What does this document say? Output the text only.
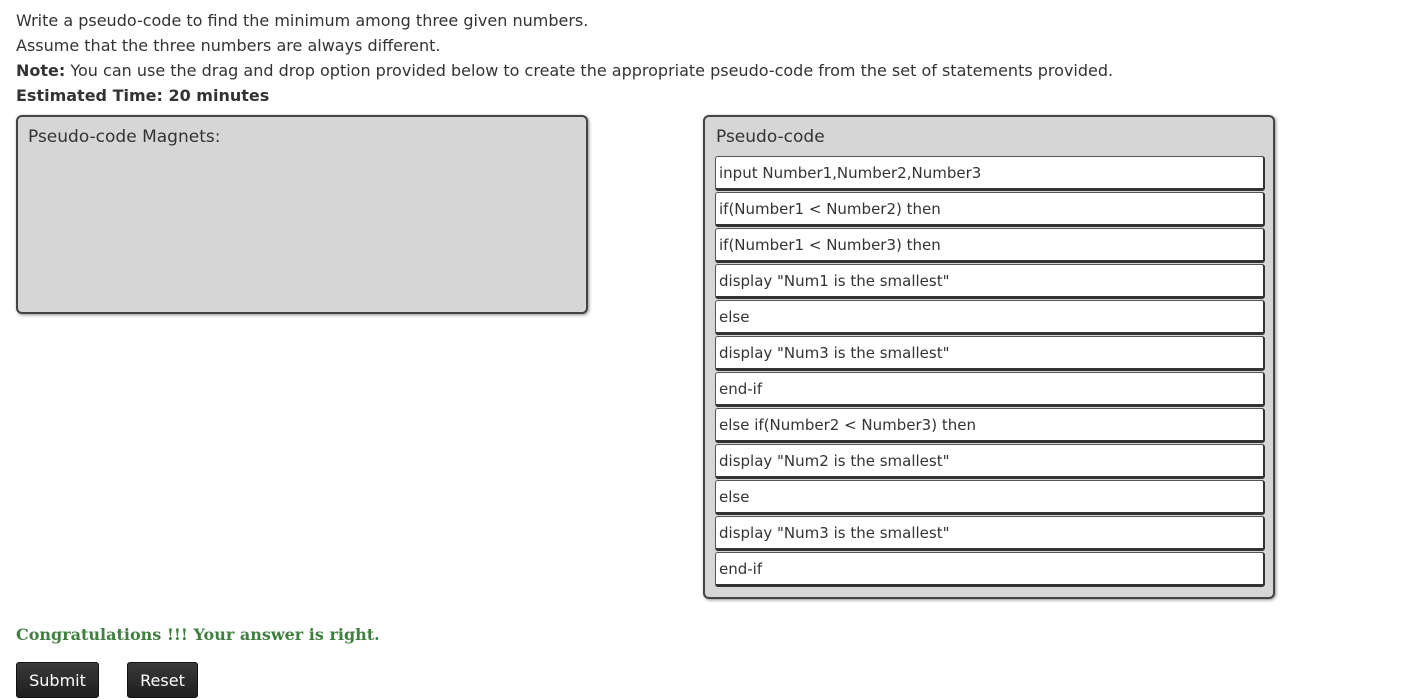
Write a pseudo-code to find the minimum among three given numbers.
Assume that the three numbers are always different.
Note: You can use the drag and drop option provided below to create the appropriate pseudo-code from the set of statements provided.
Estimated Time: 20 minutes
Pseudo-code Magnets:	Pseudo-code
input Number1,Number2,Number3
if(Number1 < Number2) then
if(Number1 < Number3) then
display "Num1 is the smallest"
else
display "Num3 is the smallest"
end-if
else if(Number2 < Number3) then
display "Num2 is the smallest"
else
display "Num3 is the smallest"
end-if
Congratulations !!! Your answer is right.
Submit	Reset
